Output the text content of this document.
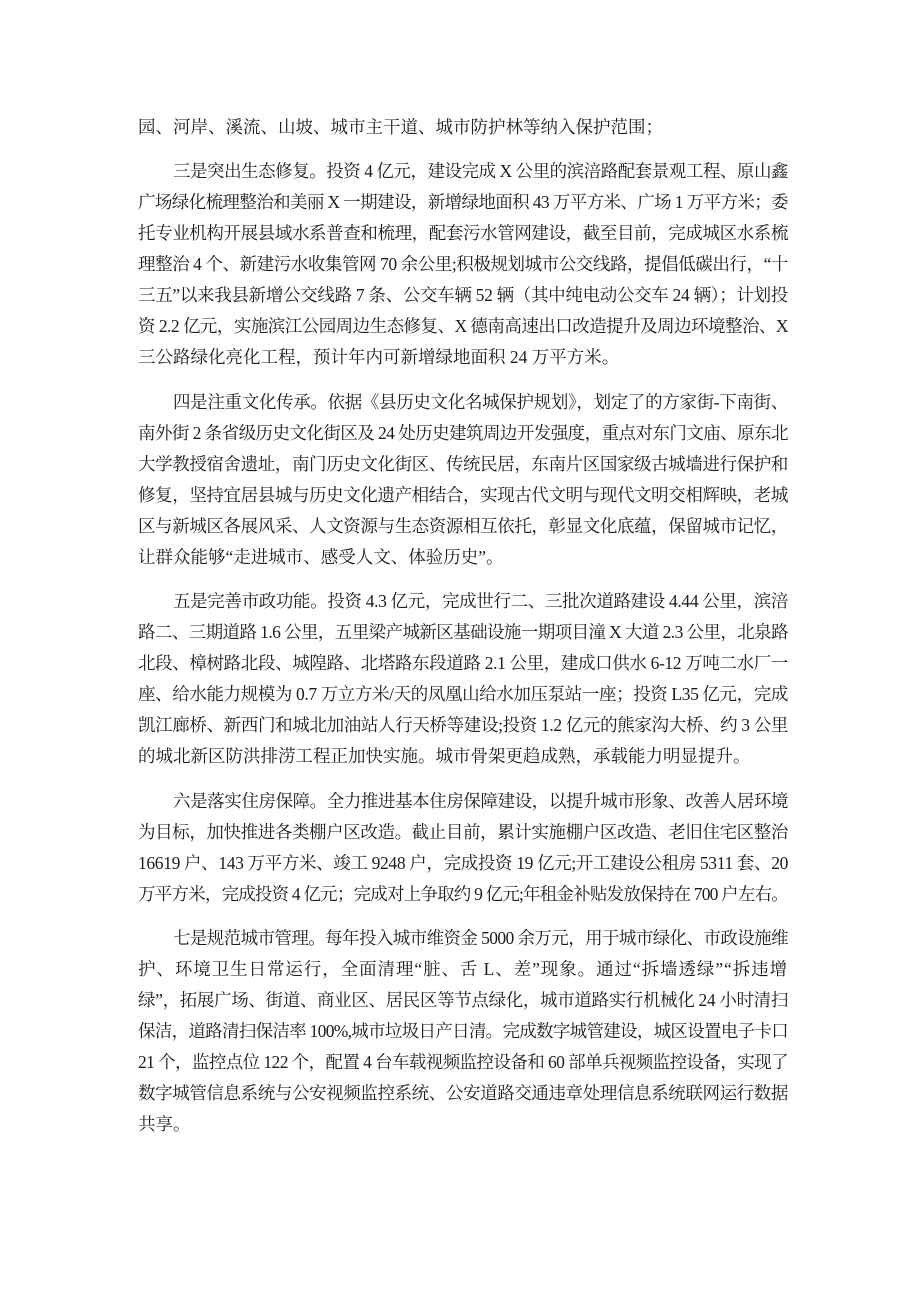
园、河岸、溪流、山坡、城市主干道、城市防护林等纳入保护范围；
三是突出生态修复。投资 4 亿元，建设完成 X 公里的滨涪路配套景观工程、原山鑫
广场绿化梳理整治和美丽 X 一期建设，新增绿地面积 43 万平方米、广场 1 万平方米；委
托专业机构开展县域水系普查和梳理，配套污水管网建设，截至目前，完成城区水系梳
理整治 4 个、新建污水收集管网 70 余公里;积极规划城市公交线路，提倡低碳出行，“十
三五”以来我县新增公交线路 7 条、公交车辆 52 辆（其中纯电动公交车 24 辆）；计划投
资 2.2 亿元，实施滨江公园周边生态修复、X 德南高速出口改造提升及周边环境整治、X
三公路绿化亮化工程，预计年内可新增绿地面积 24 万平方米。
四是注重文化传承。依据《县历史文化名城保护规划》，划定了的方家街-下南街、
南外街 2 条省级历史文化街区及 24 处历史建筑周边开发强度，重点对东门文庙、原东北
大学教授宿舍遗址，南门历史文化街区、传统民居，东南片区国家级古城墙进行保护和
修复，坚持宜居县城与历史文化遗产相结合，实现古代文明与现代文明交相辉映，老城
区与新城区各展风采、人文资源与生态资源相互依托，彰显文化底蕴，保留城市记忆，
让群众能够“走进城市、感受人文、体验历史”。
五是完善市政功能。投资 4.3 亿元，完成世行二、三批次道路建设 4.44 公里，滨涪
路二、三期道路 1.6 公里，五里梁产城新区基础设施一期项目潼 X 大道 2.3 公里，北泉路
北段、樟树路北段、城隍路、北塔路东段道路 2.1 公里，建成口供水 6-12 万吨二水厂一
座、给水能力规模为 0.7 万立方米/天的凤凰山给水加压泵站一座；投资 L35 亿元，完成
凯江廊桥、新西门和城北加油站人行天桥等建设;投资 1.2 亿元的熊家沟大桥、约 3 公里
的城北新区防洪排涝工程正加快实施。城市骨架更趋成熟，承载能力明显提升。
六是落实住房保障。全力推进基本住房保障建设，以提升城市形象、改善人居环境
为目标，加快推进各类棚户区改造。截止目前，累计实施棚户区改造、老旧住宅区整治
16619 户、143 万平方米、竣工 9248 户，完成投资 19 亿元;开工建设公租房 5311 套、20
万平方米，完成投资 4 亿元；完成对上争取约 9 亿元;年租金补贴发放保持在 700 户左右。
七是规范城市管理。每年投入城市维资金 5000 余万元，用于城市绿化、市政设施维
护、环境卫生日常运行，全面清理“脏、舌 L、差”现象。通过“拆墙透绿”“拆违增
绿”，拓展广场、街道、商业区、居民区等节点绿化，城市道路实行机械化 24 小时清扫
保洁，道路清扫保洁率 100%,城市垃圾日产日清。完成数字城管建设，城区设置电子卡口
21 个，监控点位 122 个，配置 4 台车载视频监控设备和 60 部单兵视频监控设备，实现了
数字城管信息系统与公安视频监控系统、公安道路交通违章处理信息系统联网运行数据
共享。
